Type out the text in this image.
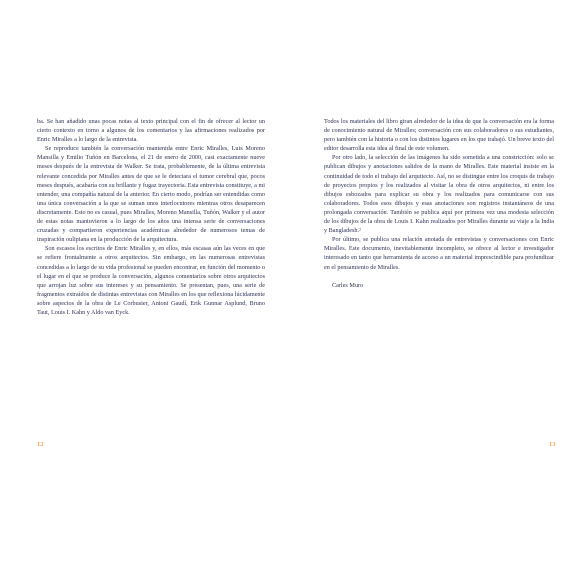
ba. Se han añadido unas pocas notas al texto principal con el fin de ofrecer al lector un cierto contexto en torno a algunos de los comentarios y las afirmaciones realizados por Enric Miralles a lo largo de la entrevista.

Se reproduce también la conversación mantenida entre Enric Miralles, Luis Moreno Mansilla y Emilio Tuñón en Barcelona, el 21 de enero de 2000, casi exactamente nueve meses después de la entrevista de Walker. Se trata, probablemente, de la última entrevista relevante concedida por Miralles antes de que se le detectara el tumor cerebral que, pocos meses después, acabaría con su brillante y fugaz trayectoria. Esta entrevista constituye, a mi entender, una compañía natural de la anterior. En cierto modo, podrían ser entendidas como una única conversación a la que se suman unos interlocutores mientras otros desaparecen discretamente. Esto no es casual, pues Miralles, Moreno Mansilla, Tuñón, Walker y el autor de estas notas mantuvieron a lo largo de los años una intensa serie de conversaciones cruzadas y compartieron experiencias académicas alrededor de numerosos temas de inspiración oulipiana en la producción de la arquitectura.

Son escasos los escritos de Enric Miralles y, en ellos, más escasas aún las veces en que se refiere frontalmente a otros arquitectos. Sin embargo, en las numerosas entrevistas concedidas a lo largo de su vida profesional se pueden encontrar, en función del momento o el lugar en el que se produce la conversación, algunos comentarios sobre otros arquitectos que arrojan luz sobre sus intereses y su pensamiento. Se presentan, pues, una serie de fragmentos extraídos de distintas entrevistas con Miralles en los que reflexiona lúcidamente sobre aspectos de la obra de Le Corbusier, Antoni Gaudí, Erik Gunnar Asplund, Bruno Taut, Louis I. Kahn y Aldo van Eyck.

12

Todos los materiales del libro giran alrededor de la idea de que la conversación era la forma de conocimiento natural de Miralles; conversación con sus colaboradores o sus estudiantes, pero también con la historia o con los distintos lugares en los que trabajó. Un breve texto del editor desarrolla esta idea al final de este volumen.

Por otro lado, la selección de las imágenes ha sido sometida a una constricción: solo se publican dibujos y anotaciones salidos de la mano de Miralles. Este material insiste en la continuidad de todo el trabajo del arquitecto. Así, no se distingue entre los croquis de trabajo de proyectos propios y los realizados al visitar la obra de otros arquitectos, ni entre los dibujos esbozados para explicar su obra y los realizados para comunicarse con sus colaboradores. Todos esos dibujos y esas anotaciones son registros instantáneos de una prolongada conversación. También se publica aquí por primera vez una modesta selección de los dibujos de la obra de Louis I. Kahn realizados por Miralles durante su viaje a la India y Bangladesh.²

Por último, se publica una relación anotada de entrevistas y conversaciones con Enric Miralles. Este documento, inevitablemente incompleto, se ofrece al lector e investigador interesado en tanto que herramienta de acceso a un material imprescindible para profundizar en el pensamiento de Miralles.

Carles Muro

13
